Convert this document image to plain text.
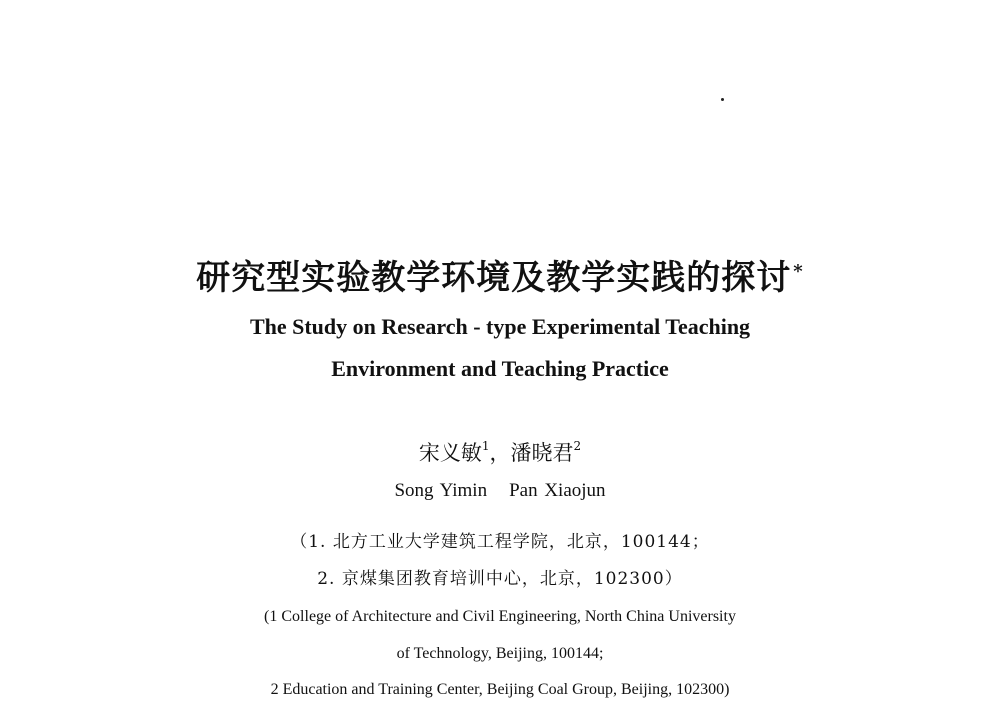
研究型实验教学环境及教学实践的探讨 *
The Study on Research - type Experimental Teaching
Environment and Teaching Practice
宋义敏$^1$，潘晓君$^2$
Song Yimin Pan Xiaojun
（1. 北方工业大学建筑工程学院，北京，100144；
2. 京煤集团教育培训中心，北京，102300）
(1 College of Architecture and Civil Engineering, North China University
of Technology, Beijing, 100144;
2 Education and Training Center, Beijing Coal Group, Beijing, 102300)
